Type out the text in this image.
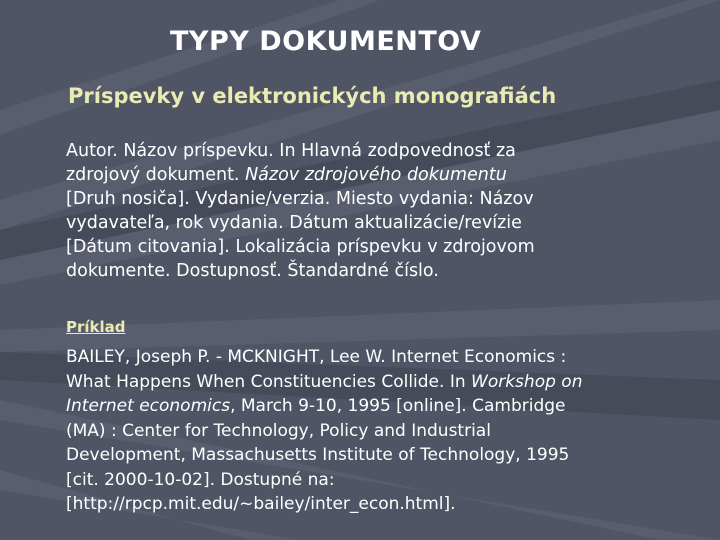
TYPY DOKUMENTOV
Príspevky v elektronických monografiách
Autor. Názov príspevku. In Hlavná zodpovednosť za
zdrojový dokument. Názov zdrojového dokumentu
[Druh nosiča]. Vydanie/verzia. Miesto vydania: Názov
vydavateľa, rok vydania. Dátum aktualizácie/revízie
[Dátum citovania]. Lokalizácia príspevku v zdrojovom
dokumente. Dostupnosť. Štandardné číslo.
Príklad
BAILEY, Joseph P. - MCKNIGHT, Lee W. Internet Economics :
What Happens When Constituencies Collide. In Workshop on
Internet economics, March 9-10, 1995 [online]. Cambridge
(MA) : Center for Technology, Policy and Industrial
Development, Massachusetts Institute of Technology, 1995
[cit. 2000-10-02]. Dostupné na:
[http://rpcp.mit.edu/~bailey/inter_econ.html].
